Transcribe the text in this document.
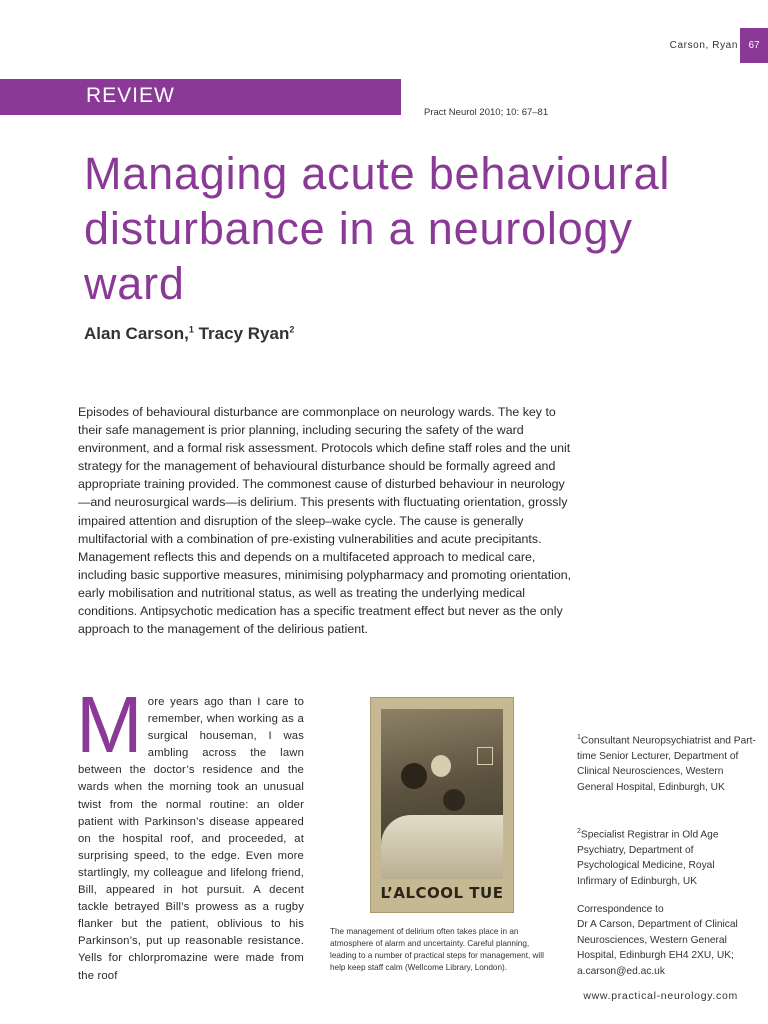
Carson, Ryan	67
REVIEW
Pract Neurol 2010; 10: 67–81
Managing acute behavioural disturbance in a neurology ward
Alan Carson,$^1$ Tracy Ryan$^2$

Episodes of behavioural disturbance are commonplace on neurology wards. The key to their safe management is prior planning, including securing the safety of the ward environment, and a formal risk assessment. Protocols which define staff roles and the unit strategy for the management of behavioural disturbance should be formally agreed and appropriate training provided. The commonest cause of disturbed behaviour in neurology—and neurosurgical wards—is delirium. This presents with fluctuating orientation, grossly impaired attention and disruption of the sleep–wake cycle. The cause is generally multifactorial with a combination of pre-existing vulnerabilities and acute precipitants. Management reflects this and depends on a multifaceted approach to medical care, including basic supportive measures, minimising polypharmacy and promoting orientation, early mobilisation and nutritional status, as well as treating the underlying medical conditions. Antipsychotic medication has a specific treatment effect but never as the only approach to the management of the delirious patient.

More years ago than I care to remember, when working as a surgical houseman, I was ambling across the lawn between the doctor’s residence and the wards when the morning took an unusual twist from the normal routine: an older patient with Parkinson’s disease appeared on the hospital roof, and proceeded, at surprising speed, to the edge. Even more startlingly, my colleague and lifelong friend, Bill, appeared in hot pursuit. A decent tackle betrayed Bill’s prowess as a rugby flanker but the patient, oblivious to his Parkinson’s, put up reasonable resistance. Yells for chlorpromazine were made from the roof

L’ALCOOL TUE

The management of delirium often takes place in an atmosphere of alarm and uncertainty. Careful planning, leading to a number of practical steps for management, will help keep staff calm (Wellcome Library, London).

$^1$Consultant Neuropsychiatrist and Part-time Senior Lecturer, Department of Clinical Neurosciences, Western General Hospital, Edinburgh, UK

$^2$Specialist Registrar in Old Age Psychiatry, Department of Psychological Medicine, Royal Infirmary of Edinburgh, UK

Correspondence to
Dr A Carson, Department of Clinical Neurosciences, Western General Hospital, Edinburgh EH4 2XU, UK; a.carson@ed.ac.uk

www.practical-neurology.com
